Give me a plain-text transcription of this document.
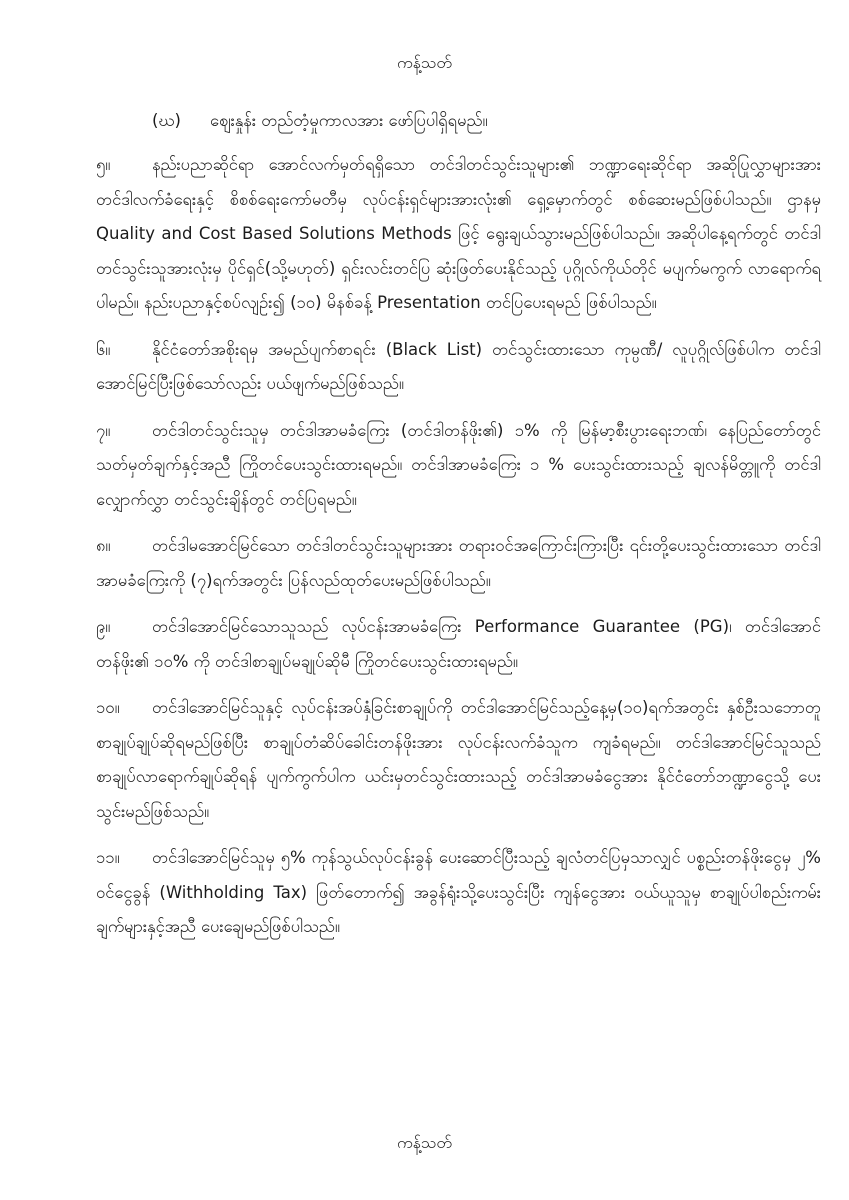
ကန့်သတ်
(ဃ) ဈေးနှုန်း တည်တံ့မှုကာလအား ဖော်ပြပါရှိရမည်။

၅။	နည်းပညာဆိုင်ရာ အောင်လက်မှတ်ရရှိသော တင်ဒါတင်သွင်းသူများ၏ ဘဏ္ဍာရေးဆိုင်ရာ အဆိုပြုလွှာများအား တင်ဒါလက်ခံရေးနှင့် စိစစ်ရေးကော်မတီမှ လုပ်ငန်းရှင်များအားလုံး၏ ရှေ့မှောက်တွင် စစ်ဆေးမည်ဖြစ်ပါသည်။ ဌာနမှ Quality and Cost Based Solutions Methods ဖြင့် ရွေးချယ်သွားမည်ဖြစ်ပါသည်။ အဆိုပါနေ့ရက်တွင် တင်ဒါတင်သွင်းသူအားလုံးမှ ပိုင်ရှင်(သို့မဟုတ်) ရှင်းလင်းတင်ပြ ဆုံးဖြတ်ပေးနိုင်သည့် ပုဂ္ဂိုလ်ကိုယ်တိုင် မပျက်မကွက် လာရောက်ရပါမည်။ နည်းပညာနှင့်စပ်လျဉ်း၍ (၁၀) မိနစ်ခန့် Presentation တင်ပြပေးရမည် ဖြစ်ပါသည်။

၆။	နိုင်ငံတော်အစိုးရမှ အမည်ပျက်စာရင်း (Black List) တင်သွင်းထားသော ကုမ္ပဏီ/ လူပုဂ္ဂိုလ်ဖြစ်ပါက တင်ဒါအောင်မြင်ပြီးဖြစ်သော်လည်း ပယ်ဖျက်မည်ဖြစ်သည်။

၇။	တင်ဒါတင်သွင်းသူမှ တင်ဒါအာမခံကြေး (တင်ဒါတန်ဖိုး၏) ၁% ကို မြန်မာ့စီးပွားရေးဘဏ်၊ နေပြည်တော်တွင်သတ်မှတ်ချက်နှင့်အညီ ကြိုတင်ပေးသွင်းထားရမည်။ တင်ဒါအာမခံကြေး ၁ % ပေးသွင်းထားသည့် ချလန်မိတ္တူကို တင်ဒါလျှောက်လွှာ တင်သွင်းချိန်တွင် တင်ပြရမည်။

၈။	တင်ဒါမအောင်မြင်သော တင်ဒါတင်သွင်းသူများအား တရားဝင်အကြောင်းကြားပြီး ၎င်းတို့ပေးသွင်းထားသော တင်ဒါအာမခံကြေးကို (၇)ရက်အတွင်း ပြန်လည်ထုတ်ပေးမည်ဖြစ်ပါသည်။

၉။	တင်ဒါအောင်မြင်သောသူသည် လုပ်ငန်းအာမခံကြေး Performance Guarantee (PG)၊ တင်ဒါအောင်တန်ဖိုး၏ ၁၀% ကို တင်ဒါစာချုပ်မချုပ်ဆိုမီ ကြိုတင်ပေးသွင်းထားရမည်။

၁၀။ တင်ဒါအောင်မြင်သူနှင့် လုပ်ငန်းအပ်နှံခြင်းစာချုပ်ကို တင်ဒါအောင်မြင်သည့်နေ့မှ(၁၀)ရက်အတွင်း နှစ်ဦးသဘောတူစာချုပ်ချုပ်ဆိုရမည်ဖြစ်ပြီး စာချုပ်တံဆိပ်ခေါင်းတန်ဖိုးအား လုပ်ငန်းလက်ခံသူက ကျခံရမည်။ တင်ဒါအောင်မြင်သူသည် စာချုပ်လာရောက်ချုပ်ဆိုရန် ပျက်ကွက်ပါက ယင်းမှတင်သွင်းထားသည့် တင်ဒါအာမခံငွေအား နိုင်ငံတော်ဘဏ္ဍာငွေသို့ ပေးသွင်းမည်ဖြစ်သည်။

၁၁။ တင်ဒါအောင်မြင်သူမှ ၅% ကုန်သွယ်လုပ်ငန်းခွန် ပေးဆောင်ပြီးသည့် ချလံတင်ပြမှသာလျှင် ပစ္စည်းတန်ဖိုးငွေမှ ၂% ဝင်ငွေခွန် (Withholding Tax) ဖြတ်တောက်၍ အခွန်ရုံးသို့ပေးသွင်းပြီး ကျန်ငွေအား ဝယ်ယူသူမှ စာချုပ်ပါစည်းကမ်းချက်များနှင့်အညီ ပေးချေမည်ဖြစ်ပါသည်။

ကန့်သတ်
